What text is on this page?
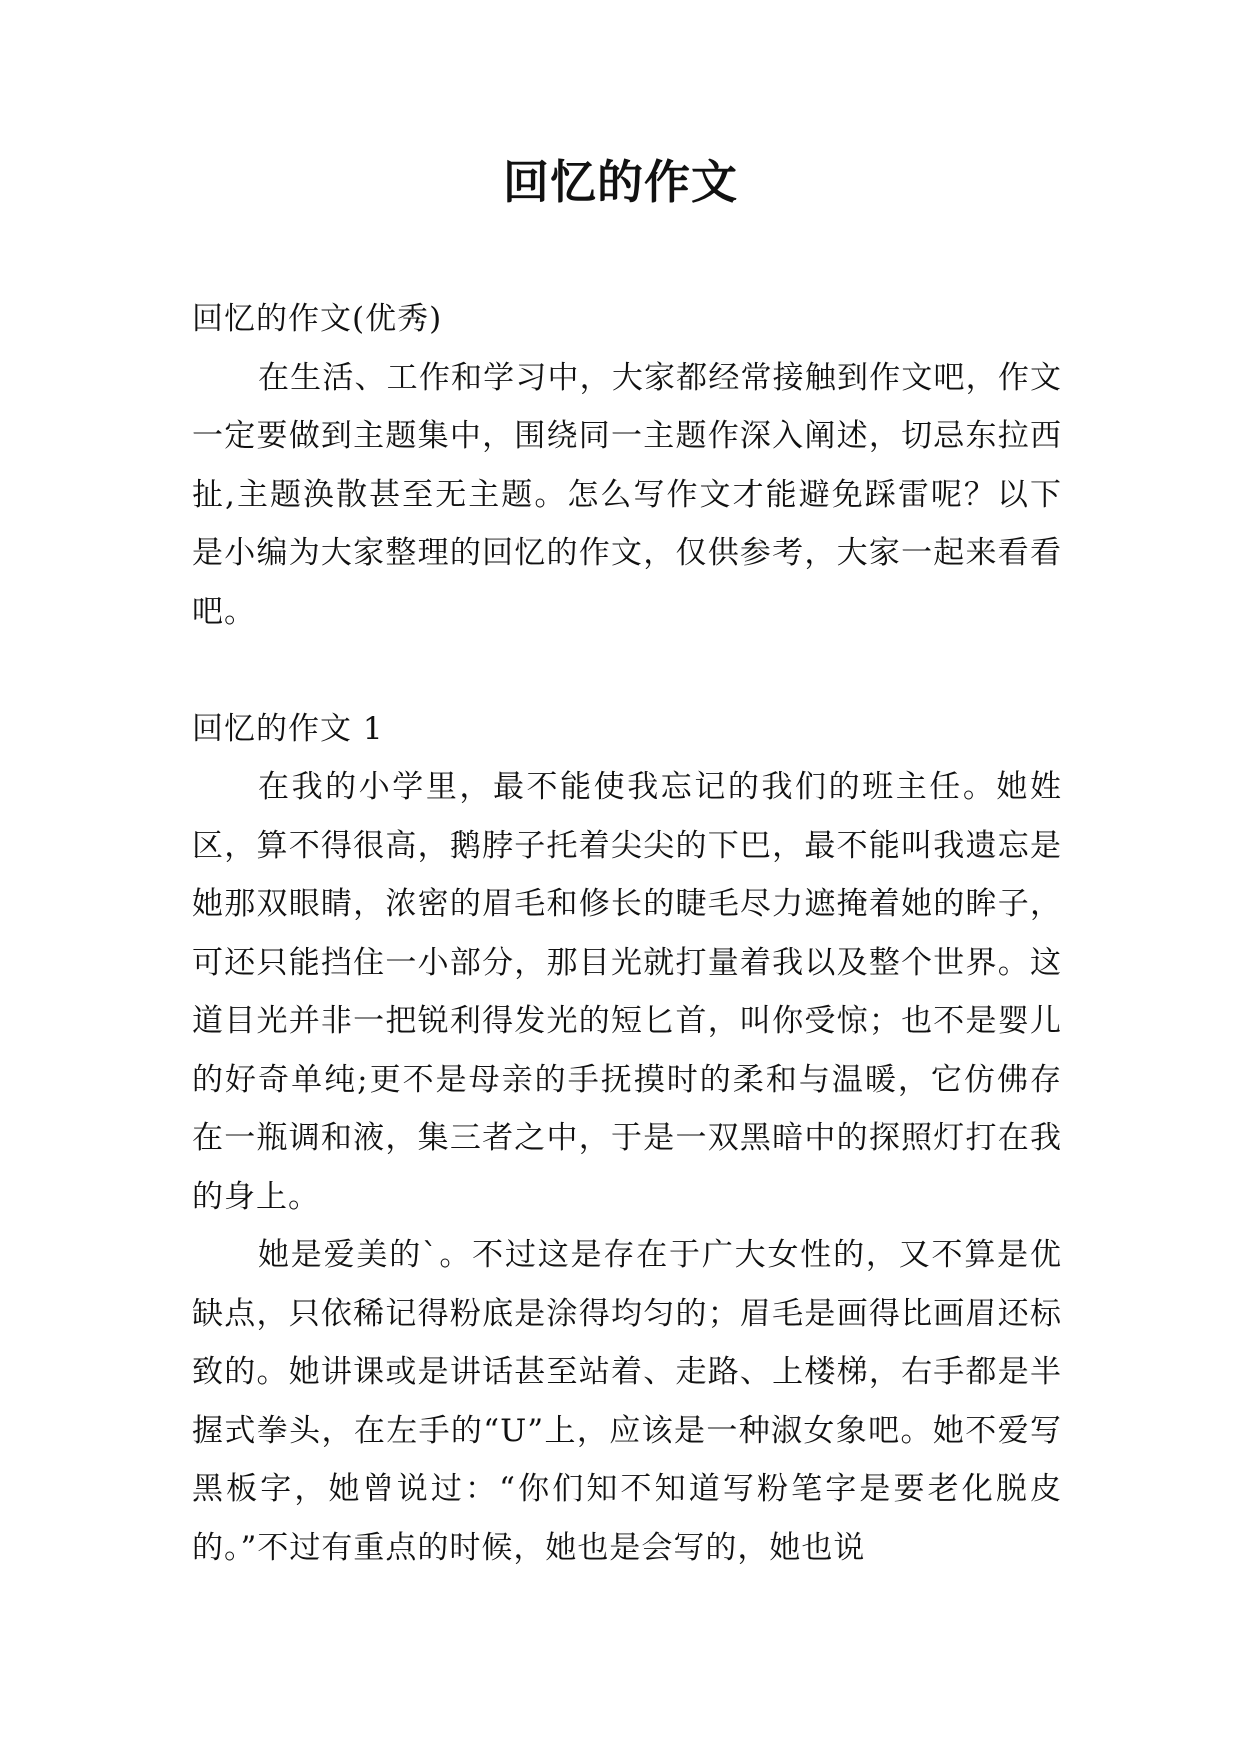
回忆的作文

回忆的作文(优秀)

在生活、工作和学习中，大家都经常接触到作文吧，作文一定要做到主题集中，围绕同一主题作深入阐述，切忌东拉西扯,主题涣散甚至无主题。怎么写作文才能避免踩雷呢？以下是小编为大家整理的回忆的作文，仅供参考，大家一起来看看吧。

回忆的作文 1

在我的小学里，最不能使我忘记的我们的班主任。她姓区，算不得很高，鹅脖子托着尖尖的下巴，最不能叫我遗忘是她那双眼睛，浓密的眉毛和修长的睫毛尽力遮掩着她的眸子，可还只能挡住一小部分，那目光就打量着我以及整个世界。这道目光并非一把锐利得发光的短匕首，叫你受惊；也不是婴儿的好奇单纯;更不是母亲的手抚摸时的柔和与温暖，它仿佛存在一瓶调和液，集三者之中，于是一双黑暗中的探照灯打在我的身上。

她是爱美的`。不过这是存在于广大女性的，又不算是优缺点，只依稀记得粉底是涂得均匀的；眉毛是画得比画眉还标致的。她讲课或是讲话甚至站着、走路、上楼梯，右手都是半握式拳头，在左手的“U”上，应该是一种淑女象吧。她不爱写黑板字，她曾说过：“你们知不知道写粉笔字是要老化脱皮的。”不过有重点的时候，她也是会写的，她也说
